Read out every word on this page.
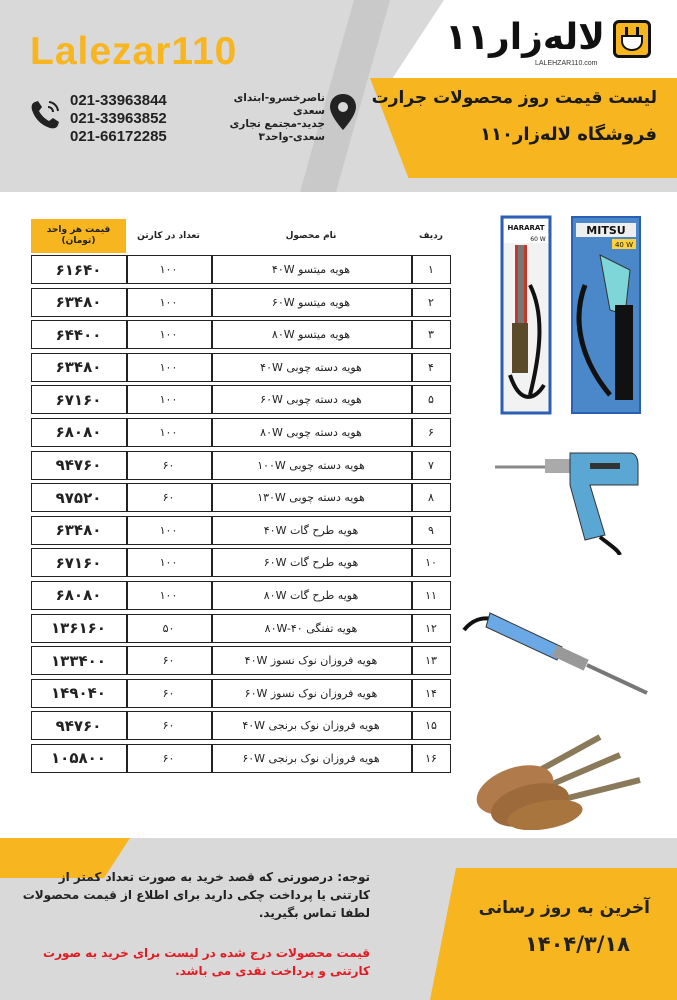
Lalezar110
021-33963844
021-33963852
021-66172285
ناصرخسرو-ابتدای سعدی
جدید-مجتمع تجاری
سعدی-واحد۳
لاله‌زار۱۱
LALEHZAR110.com
لیست قیمت روز محصولات جرارت
فروشگاه لاله‌زار۱۱۰
قیمت هر واحد (تومان)
تعداد در کارتن	نام محصول	ردیف
۶۱۶۴۰	۱۰۰	هویه میتسو ۴۰W	۱
۶۳۴۸۰	۱۰۰	هویه میتسو ۶۰W	۲
۶۴۴۰۰	۱۰۰	هویه میتسو ۸۰W	۳
۶۳۴۸۰	۱۰۰	هویه دسته چوبی ۴۰W	۴
۶۷۱۶۰	۱۰۰	هویه دسته چوبی ۶۰W	۵
۶۸۰۸۰	۱۰۰	هویه دسته چوبی ۸۰W	۶
۹۴۷۶۰	۶۰	هویه دسته چوبی ۱۰۰W	۷
۹۷۵۲۰	۶۰	هویه دسته چوبی ۱۳۰W	۸
۶۳۴۸۰	۱۰۰	هویه طرح گات ۴۰W	۹
۶۷۱۶۰	۱۰۰	هویه طرح گات ۶۰W	۱۰
۶۸۰۸۰	۱۰۰	هویه طرح گات ۸۰W	۱۱
۱۳۶۱۶۰	۵۰	هویه تفنگی ۸۰W-۴۰	۱۲
۱۳۳۴۰۰	۶۰	هویه فروزان نوک نسوز ۴۰W	۱۳
۱۴۹۰۴۰	۶۰	هویه فروزان نوک نسوز ۶۰W	۱۴
۹۴۷۶۰	۶۰	هویه فروزان نوک برنجی ۴۰W	۱۵
۱۰۵۸۰۰	۶۰	هویه فروزان نوک برنجی ۶۰W	۱۶
HARARAT
60 W
MITSU
40 W
توجه: درصورتی که قصد خرید به صورت تعداد کمتر از کارتنی یا پرداخت چکی دارید برای اطلاع از قیمت محصولات لطفا تماس بگیرید.
قیمت محصولات درج شده در لیست برای خرید به صورت کارتنی و پرداخت نقدی می باشد.
آخرین به روز رسانی
۱۴۰۴/۳/۱۸
